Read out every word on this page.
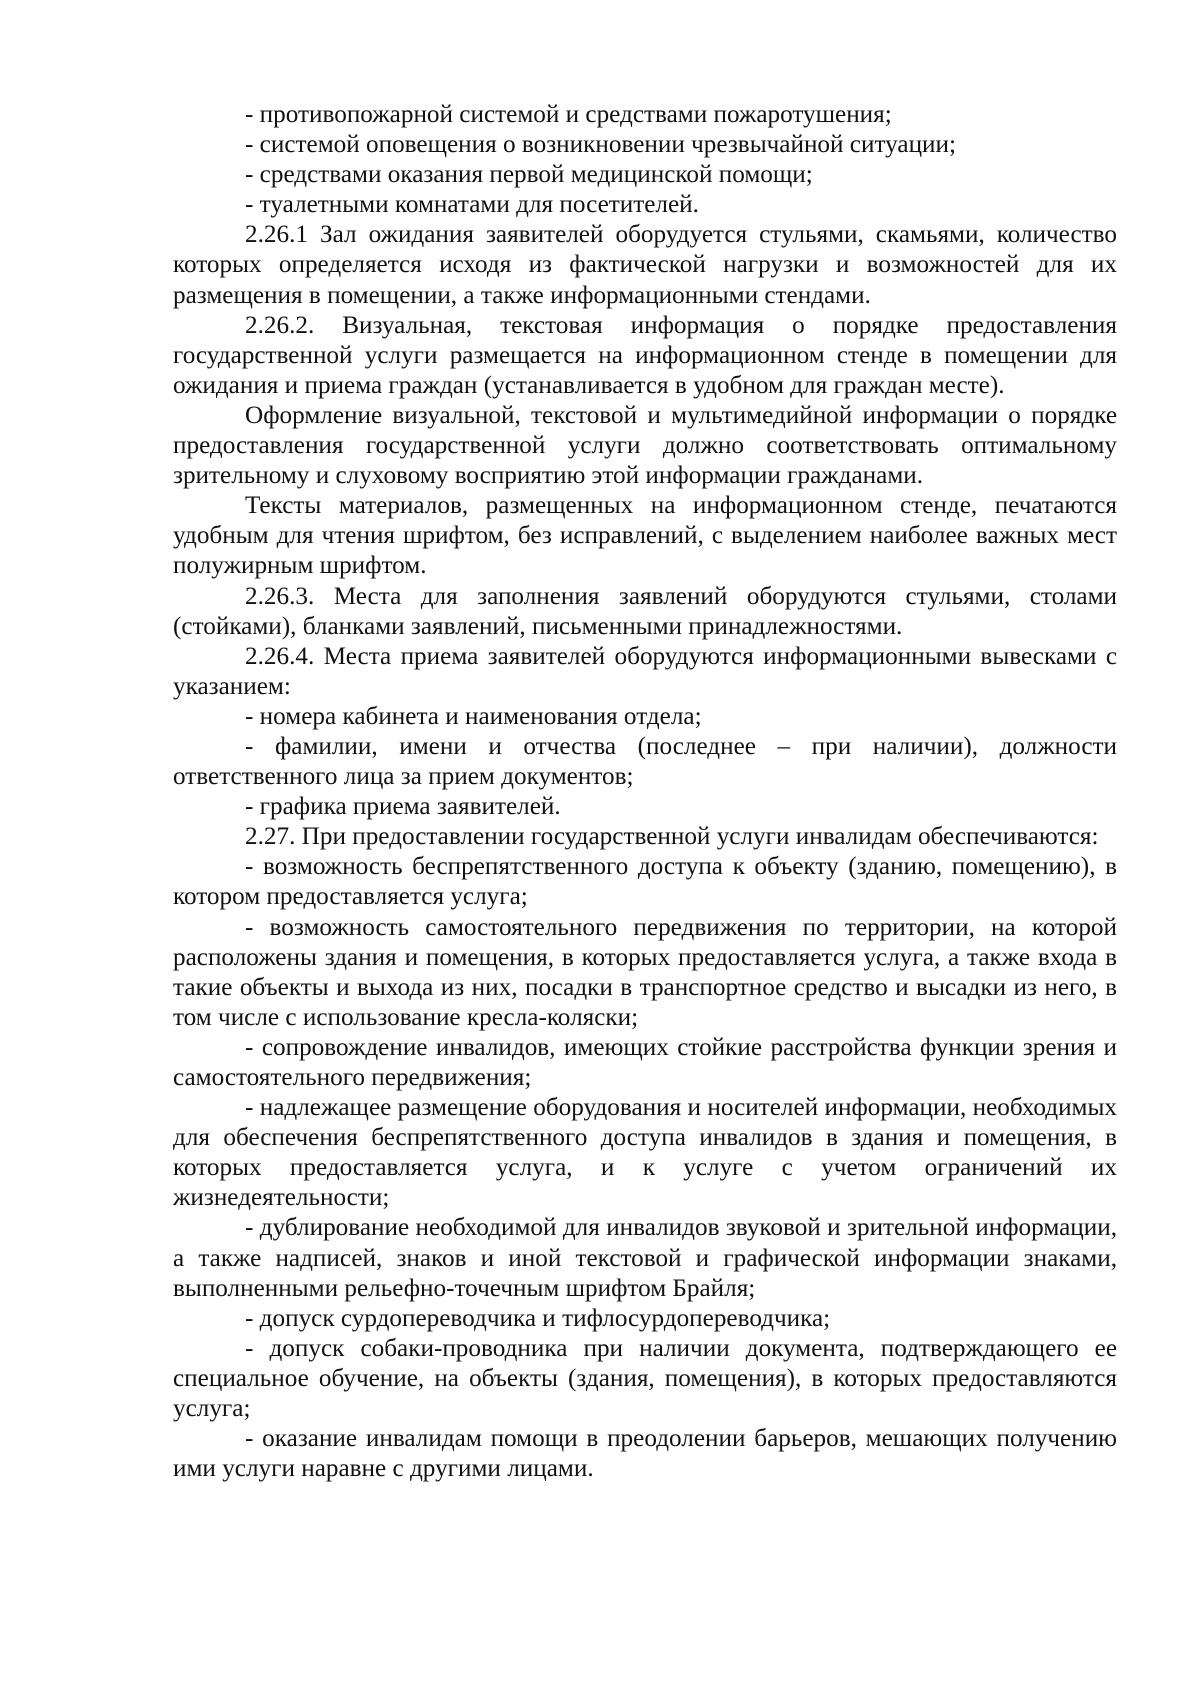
- противопожарной системой и средствами пожаротушения;

- системой оповещения о возникновении чрезвычайной ситуации;

- средствами оказания первой медицинской помощи;

- туалетными комнатами для посетителей.

2.26.1 Зал ожидания заявителей оборудуется стульями, скамьями, количество которых определяется исходя из фактической нагрузки и возможностей для их размещения в помещении, а также информационными стендами.

2.26.2. Визуальная, текстовая информация о порядке предоставления государственной услуги размещается на информационном стенде в помещении для ожидания и приема граждан (устанавливается в удобном для граждан месте).

Оформление визуальной, текстовой и мультимедийной информации о порядке предоставления государственной услуги должно соответствовать оптимальному зрительному и слуховому восприятию этой информации гражданами.

Тексты материалов, размещенных на информационном стенде, печатаются удобным для чтения шрифтом, без исправлений, с выделением наиболее важных мест полужирным шрифтом.

2.26.3. Места для заполнения заявлений оборудуются стульями, столами (стойками), бланками заявлений, письменными принадлежностями.

2.26.4. Места приема заявителей оборудуются информационными вывесками с указанием:

- номера кабинета и наименования отдела;

- фамилии, имени и отчества (последнее – при наличии), должности ответственного лица за прием документов;

- графика приема заявителей.

2.27. При предоставлении государственной услуги инвалидам обеспечиваются:

- возможность беспрепятственного доступа к объекту (зданию, помещению), в котором предоставляется услуга;

- возможность самостоятельного передвижения по территории, на которой расположены здания и помещения, в которых предоставляется услуга, а также входа в такие объекты и выхода из них, посадки в транспортное средство и высадки из него, в том числе с использование кресла-коляски;

- сопровождение инвалидов, имеющих стойкие расстройства функции зрения и самостоятельного передвижения;

- надлежащее размещение оборудования и носителей информации, необходимых для обеспечения беспрепятственного доступа инвалидов в здания и помещения, в которых предоставляется услуга, и к услуге с учетом ограничений их жизнедеятельности;

- дублирование необходимой для инвалидов звуковой и зрительной информации, а также надписей, знаков и иной текстовой и графической информации знаками, выполненными рельефно-точечным шрифтом Брайля;

- допуск сурдопереводчика и тифлосурдопереводчика;

- допуск собаки-проводника при наличии документа, подтверждающего ее специальное обучение, на объекты (здания, помещения), в которых предоставляются услуга;

- оказание инвалидам помощи в преодолении барьеров, мешающих получению ими услуги наравне с другими лицами.
